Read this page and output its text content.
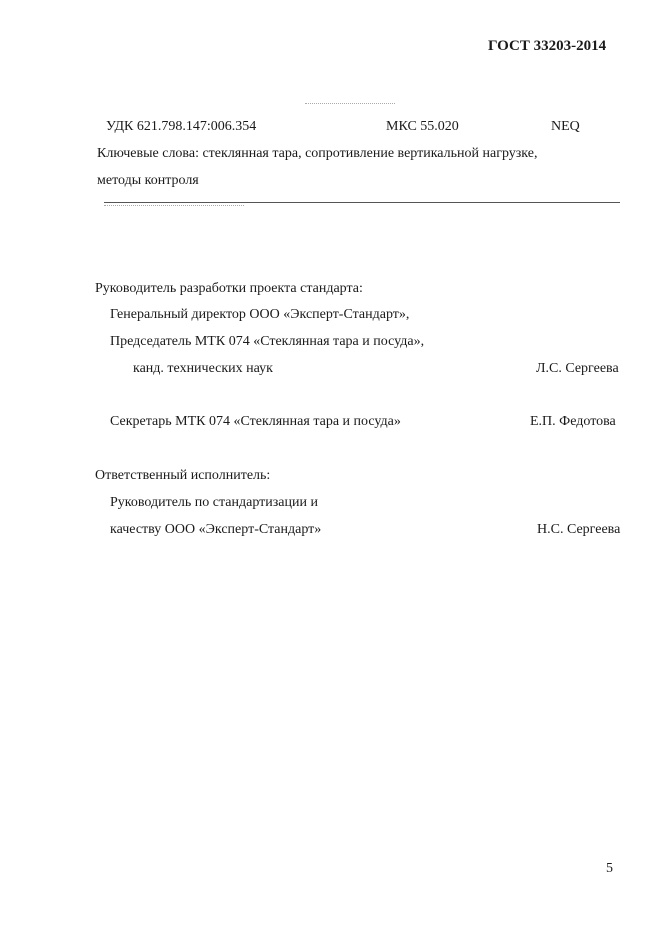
ГОСТ 33203-2014
УДК 621.798.147:006.354	МКС 55.020	NEQ
Ключевые слова: стеклянная тара, сопротивление вертикальной нагрузке,
методы контроля
Руководитель разработки проекта стандарта:
Генеральный директор ООО «Эксперт-Стандарт»,
Председатель МТК 074 «Стеклянная тара и посуда»,
канд. технических наук	Л.С. Сергеева
Секретарь МТК 074 «Стеклянная тара и посуда»	Е.П. Федотова
Ответственный исполнитель:
Руководитель по стандартизации и
качеству ООО «Эксперт-Стандарт»	Н.С. Сергеева
5
